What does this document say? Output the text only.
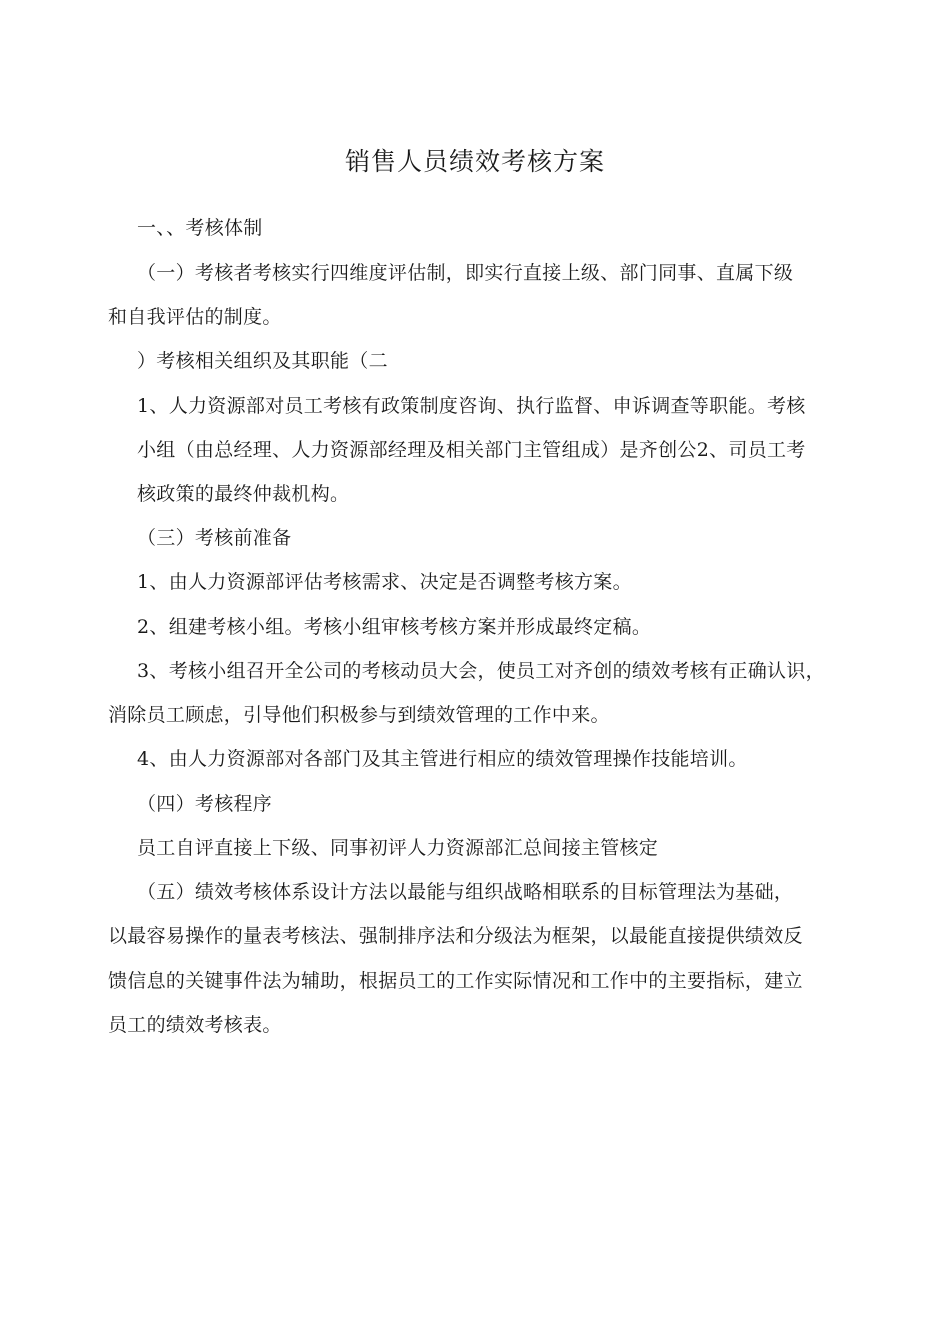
销售人员绩效考核方案
一、、考核体制
（一）考核者考核实行四维度评估制，即实行直接上级、部门同事、直属下级
和自我评估的制度。
）考核相关组织及其职能（二
1、人力资源部对员工考核有政策制度咨询、执行监督、申诉调查等职能。考核
小组（由总经理、人力资源部经理及相关部门主管组成）是齐创公2、司员工考
核政策的最终仲裁机构。
（三）考核前准备
1、由人力资源部评估考核需求、决定是否调整考核方案。
2、组建考核小组。考核小组审核考核方案并形成最终定稿。
3、考核小组召开全公司的考核动员大会，使员工对齐创的绩效考核有正确认识，
消除员工顾虑，引导他们积极参与到绩效管理的工作中来。
4、由人力资源部对各部门及其主管进行相应的绩效管理操作技能培训。
（四）考核程序
员工自评直接上下级、同事初评人力资源部汇总间接主管核定
（五）绩效考核体系设计方法以最能与组织战略相联系的目标管理法为基础，
以最容易操作的量表考核法、强制排序法和分级法为框架，以最能直接提供绩效反
馈信息的关键事件法为辅助，根据员工的工作实际情况和工作中的主要指标，建立
员工的绩效考核表。
